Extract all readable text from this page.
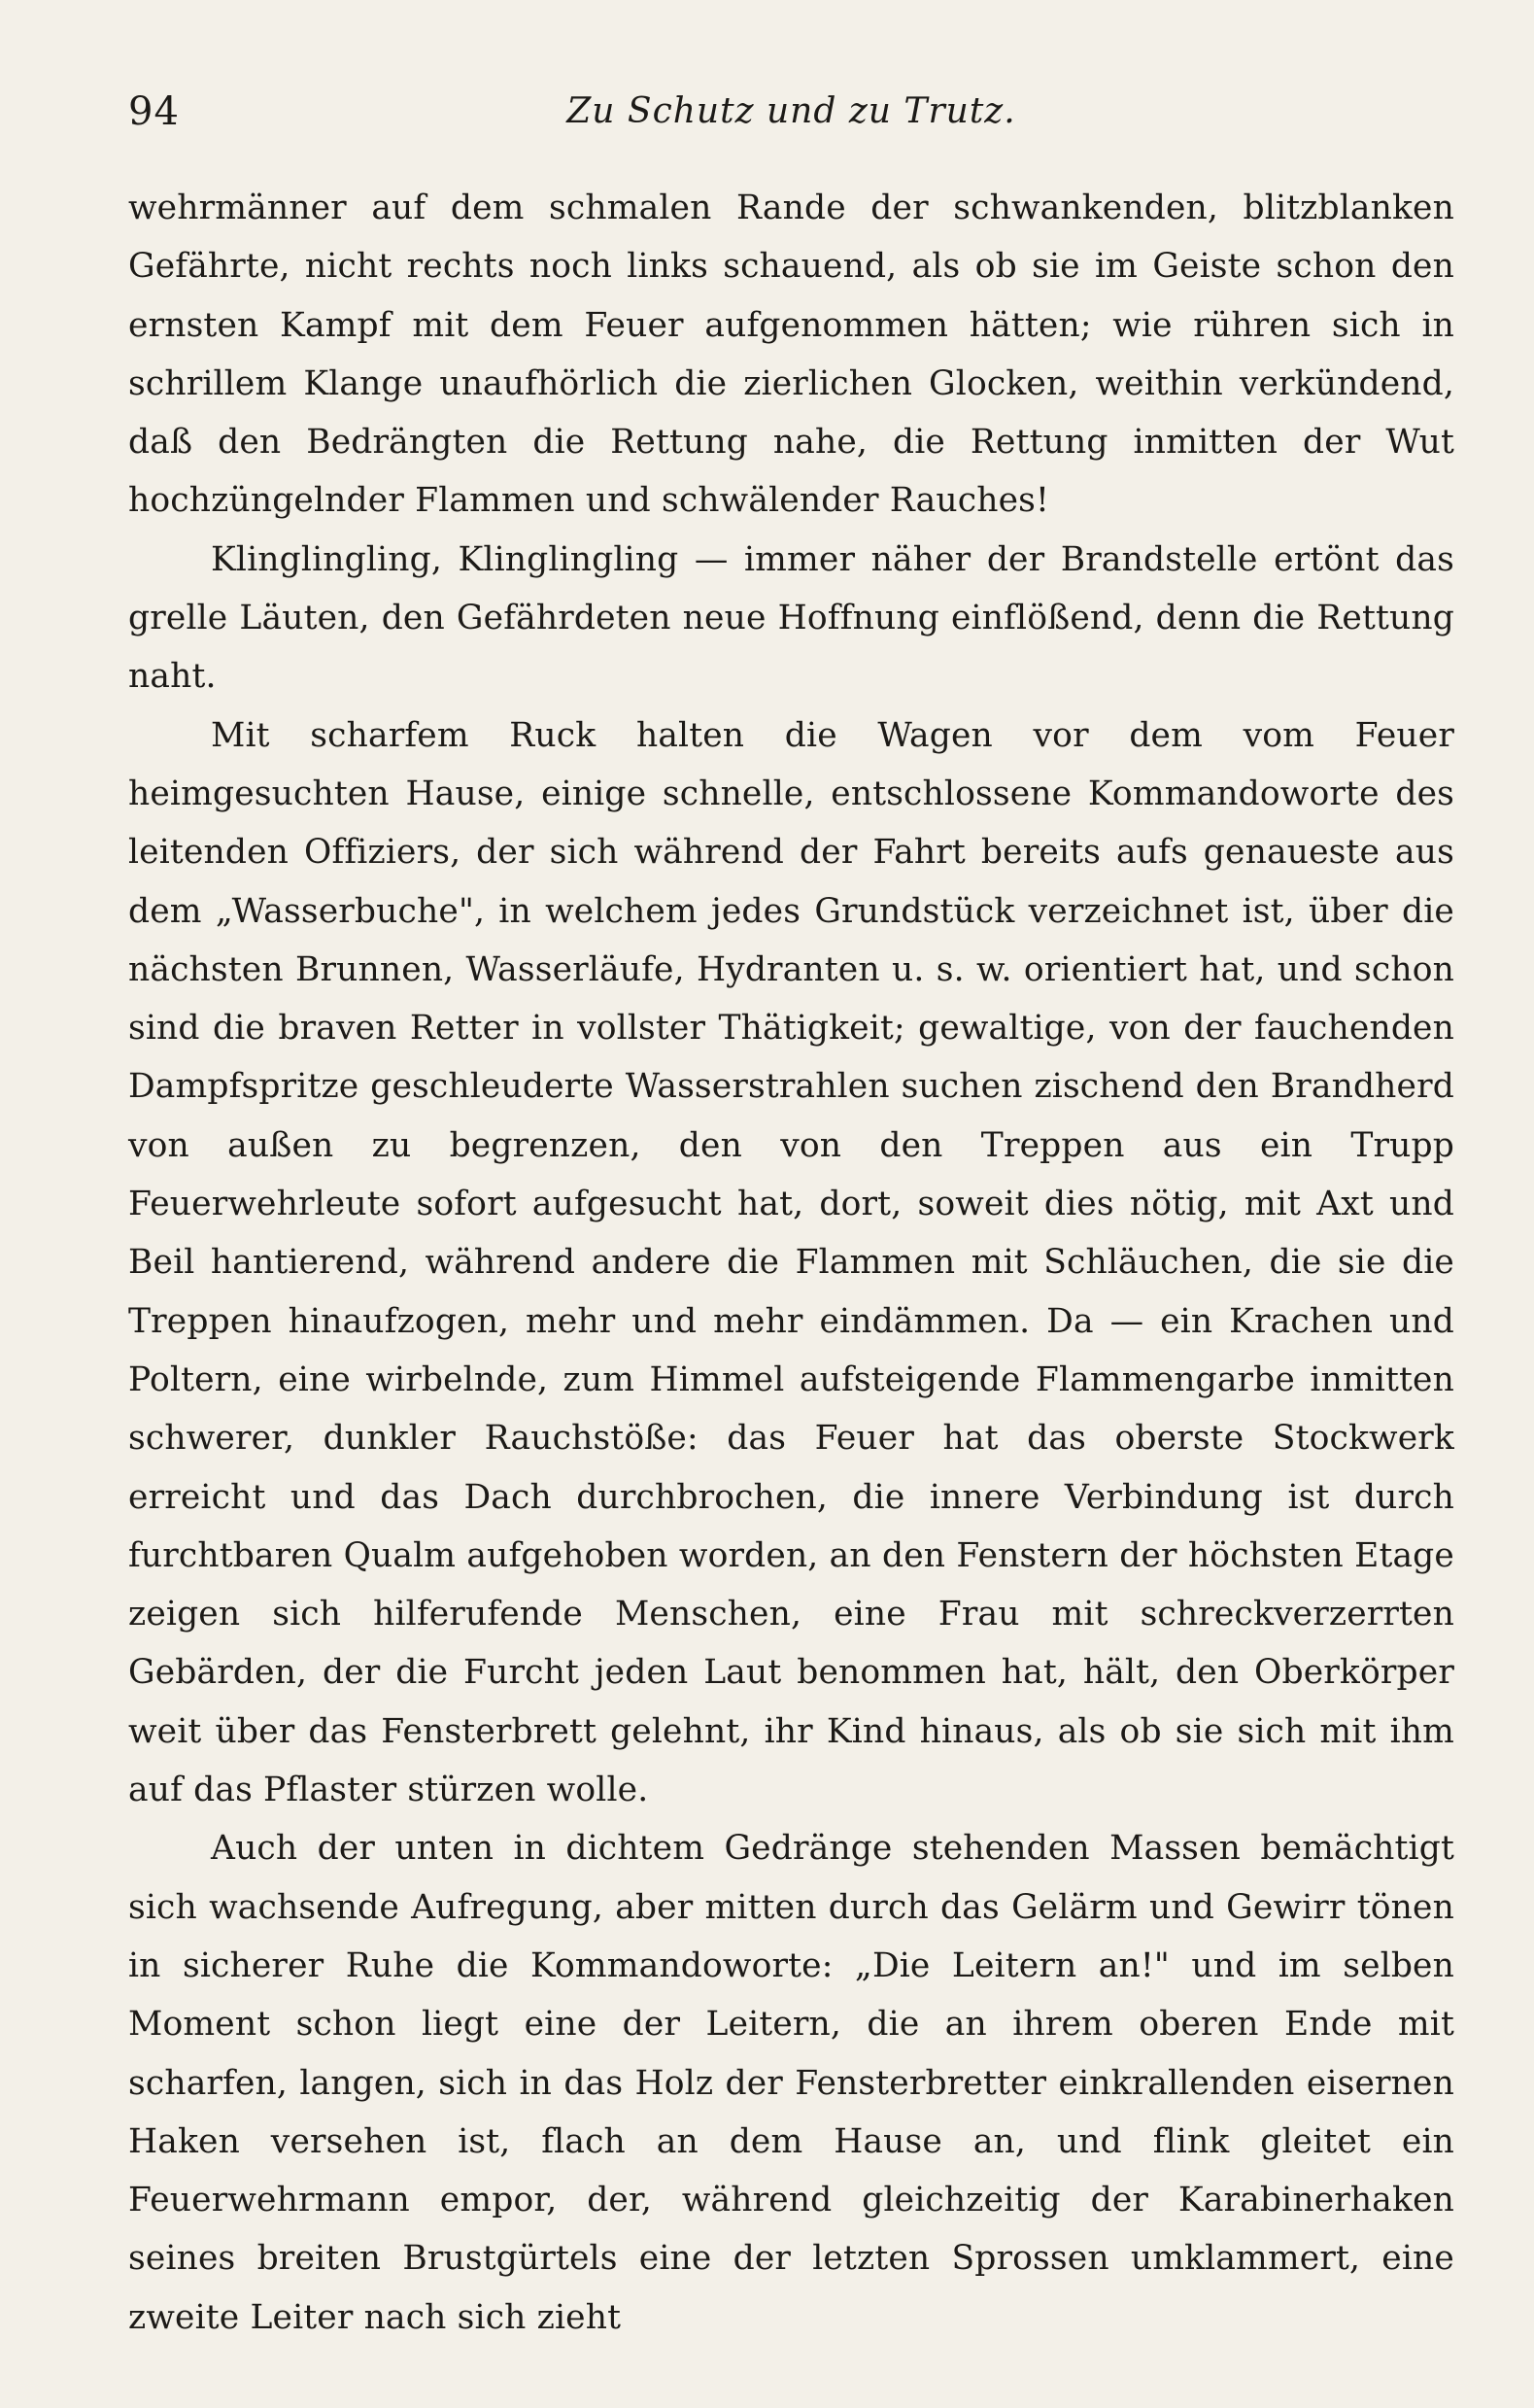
94	Zu Schutz und zu Trutz.

wehrmänner auf dem schmalen Rande der schwankenden, blitzblanken Gefährte, nicht rechts noch links schauend, als ob sie im Geiste schon den ernsten Kampf mit dem Feuer aufgenommen hätten; wie rühren sich in schrillem Klange unaufhörlich die zierlichen Glocken, weithin verkündend, daß den Bedrängten die Rettung nahe, die Rettung inmitten der Wut hochzüngelnder Flammen und schwälender Rauches!

Klinglingling, Klinglingling — immer näher der Brandstelle ertönt das grelle Läuten, den Gefährdeten neue Hoffnung einflößend, denn die Rettung naht.

Mit scharfem Ruck halten die Wagen vor dem vom Feuer heimgesuchten Hause, einige schnelle, entschlossene Kommandoworte des leitenden Offiziers, der sich während der Fahrt bereits aufs genaueste aus dem „Wasserbuche", in welchem jedes Grundstück verzeichnet ist, über die nächsten Brunnen, Wasserläufe, Hydranten u. s. w. orientiert hat, und schon sind die braven Retter in vollster Thätigkeit; gewaltige, von der fauchenden Dampfspritze geschleuderte Wasserstrahlen suchen zischend den Brandherd von außen zu begrenzen, den von den Treppen aus ein Trupp Feuerwehrleute sofort aufgesucht hat, dort, soweit dies nötig, mit Axt und Beil hantierend, während andere die Flammen mit Schläuchen, die sie die Treppen hinaufzogen, mehr und mehr eindämmen. Da — ein Krachen und Poltern, eine wirbelnde, zum Himmel aufsteigende Flammengarbe inmitten schwerer, dunkler Rauchstöße: das Feuer hat das oberste Stockwerk erreicht und das Dach durchbrochen, die innere Verbindung ist durch furchtbaren Qualm aufgehoben worden, an den Fenstern der höchsten Etage zeigen sich hilferufende Menschen, eine Frau mit schreckverzerrten Gebärden, der die Furcht jeden Laut benommen hat, hält, den Oberkörper weit über das Fensterbrett gelehnt, ihr Kind hinaus, als ob sie sich mit ihm auf das Pflaster stürzen wolle.

Auch der unten in dichtem Gedränge stehenden Massen bemächtigt sich wachsende Aufregung, aber mitten durch das Gelärm und Gewirr tönen in sicherer Ruhe die Kommandoworte: „Die Leitern an!" und im selben Moment schon liegt eine der Leitern, die an ihrem oberen Ende mit scharfen, langen, sich in das Holz der Fensterbretter einkrallenden eisernen Haken versehen ist, flach an dem Hause an, und flink gleitet ein Feuerwehrmann empor, der, während gleichzeitig der Karabinerhaken seines breiten Brustgürtels eine der letzten Sprossen umklammert, eine zweite Leiter nach sich zieht
